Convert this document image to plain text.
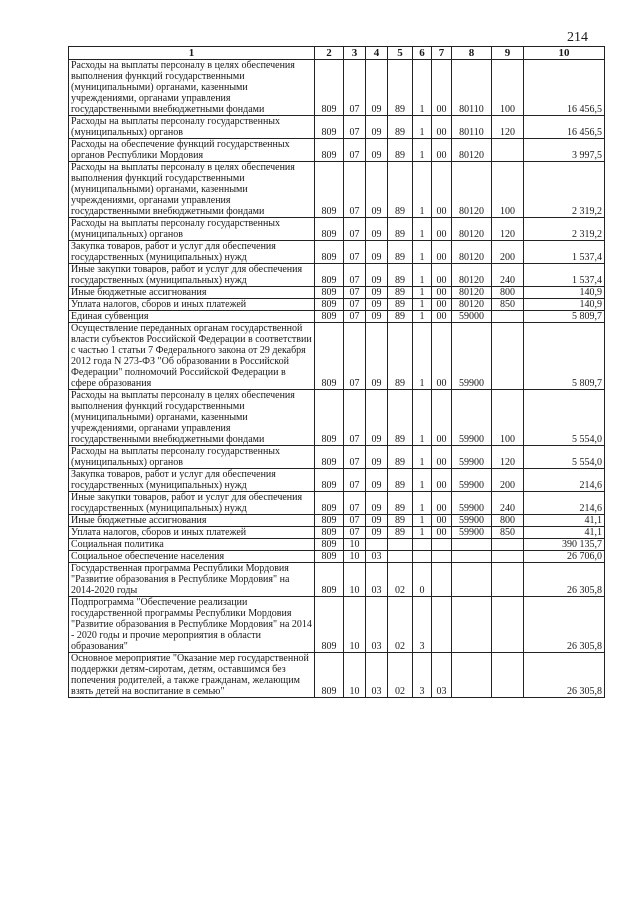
214
1	2	3	4	5	6	7	8	9	10
Расходы на выплаты персоналу в целях обеспечения выполнения функций государственными (муниципальными) органами, казенными учреждениями, органами управления государственными внебюджетными фондами	809	07	09	89	1	00	80110	100	16 456,5
Расходы на выплаты персоналу государственных (муниципальных) органов	809	07	09	89	1	00	80110	120	16 456,5
Расходы на обеспечение функций государственных органов Республики Мордовия	809	07	09	89	1	00	80120		3 997,5
Расходы на выплаты персоналу в целях обеспечения выполнения функций государственными (муниципальными) органами, казенными учреждениями, органами управления государственными внебюджетными фондами	809	07	09	89	1	00	80120	100	2 319,2
Расходы на выплаты персоналу государственных (муниципальных) органов	809	07	09	89	1	00	80120	120	2 319,2
Закупка товаров, работ и услуг для обеспечения государственных (муниципальных) нужд	809	07	09	89	1	00	80120	200	1 537,4
Иные закупки товаров, работ и услуг для обеспечения государственных (муниципальных) нужд	809	07	09	89	1	00	80120	240	1 537,4
Иные бюджетные ассигнования	809	07	09	89	1	00	80120	800	140,9
Уплата налогов, сборов и иных платежей	809	07	09	89	1	00	80120	850	140,9
Единая субвенция	809	07	09	89	1	00	59000		5 809,7
Осуществление переданных органам государственной власти субъектов Российской Федерации в соответствии с частью 1 статьи 7 Федерального закона от 29 декабря 2012 года N 273-ФЗ "Об образовании в Российской Федерации" полномочий Российской Федерации в сфере образования	809	07	09	89	1	00	59900		5 809,7
Расходы на выплаты персоналу в целях обеспечения выполнения функций государственными (муниципальными) органами, казенными учреждениями, органами управления государственными внебюджетными фондами	809	07	09	89	1	00	59900	100	5 554,0
Расходы на выплаты персоналу государственных (муниципальных) органов	809	07	09	89	1	00	59900	120	5 554,0
Закупка товаров, работ и услуг для обеспечения государственных (муниципальных) нужд	809	07	09	89	1	00	59900	200	214,6
Иные закупки товаров, работ и услуг для обеспечения государственных (муниципальных) нужд	809	07	09	89	1	00	59900	240	214,6
Иные бюджетные ассигнования	809	07	09	89	1	00	59900	800	41,1
Уплата налогов, сборов и иных платежей	809	07	09	89	1	00	59900	850	41,1
Социальная политика	809	10							390 135,7
Социальное обеспечение населения	809	10	03						26 706,0
Государственная программа Республики Мордовия "Развитие образования в Республике Мордовия" на 2014-2020 годы	809	10	03	02	0				26 305,8
Подпрограмма "Обеспечение реализации государственной программы Республики Мордовия "Развитие образования в Республике Мордовия" на 2014 - 2020 годы и прочие мероприятия в области образования"	809	10	03	02	3				26 305,8
Основное мероприятие "Оказание мер государственной поддержки детям-сиротам, детям, оставшимся без попечения родителей, а также гражданам, желающим взять детей на воспитание в семью"	809	10	03	02	3	03			26 305,8
